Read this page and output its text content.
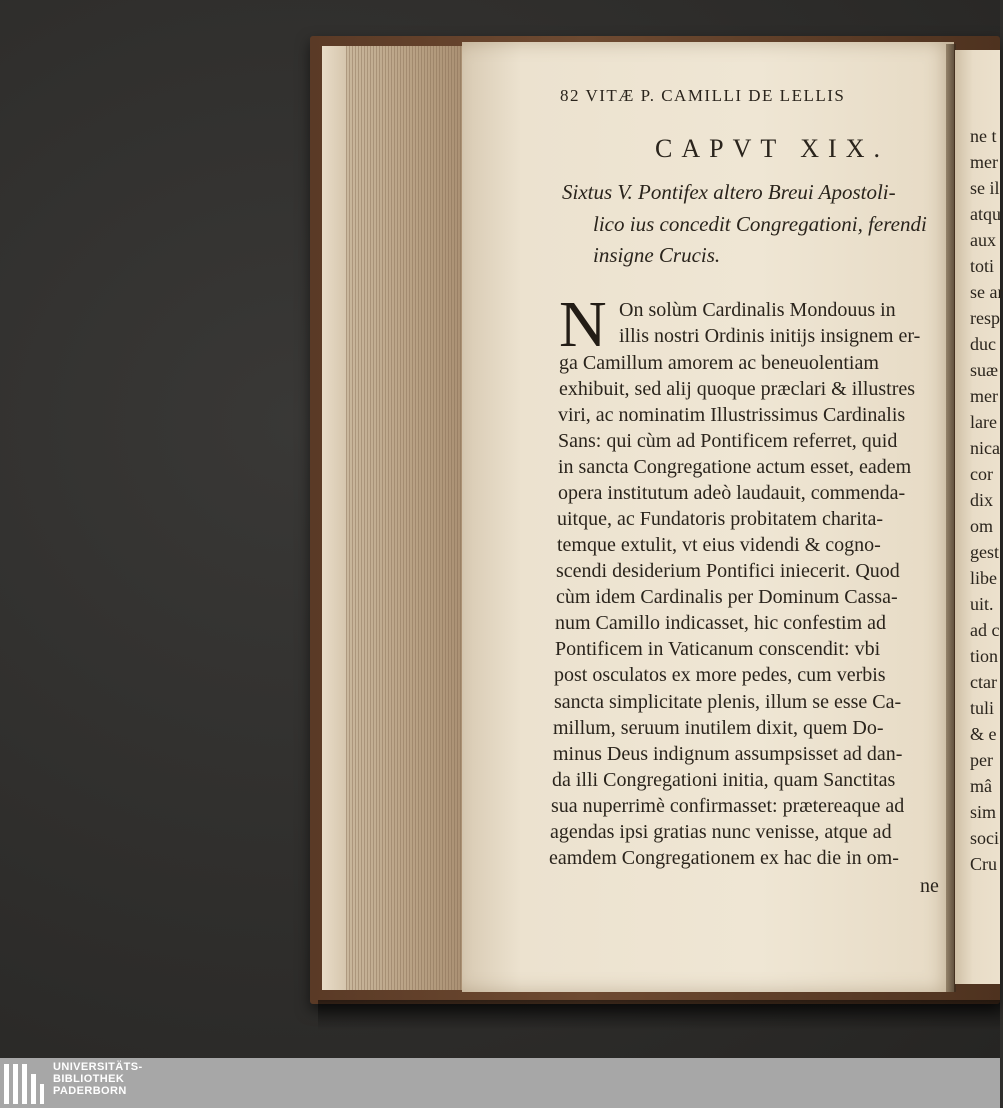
82 VITÆ P. CAMILLI DE LELLIS
CAPVT XIX.
Sixtus V. Pontifex altero Breui Apostoli-
lico ius concedit Congregationi, ferendi
insigne Crucis.
N On solùm Cardinalis Mondouus in
illis nostri Ordinis initijs insignem er-
ga Camillum amorem ac beneuolentiam
exhibuit, sed alij quoque præclari & illustres
viri, ac nominatim Illustrissimus Cardinalis
Sans: qui cùm ad Pontificem referret, quid
in sancta Congregatione actum esset, eadem
opera institutum adeò laudauit, commenda-
uitque, ac Fundatoris probitatem charita-
temque extulit, vt eius videndi & cogno-
scendi desiderium Pontifici iniecerit. Quod
cùm idem Cardinalis per Dominum Cassa-
num Camillo indicasset, hic confestim ad
Pontificem in Vaticanum conscendit: vbi
post osculatos ex more pedes, cum verbis
sancta simplicitate plenis, illum se esse Ca-
millum, seruum inutilem dixit, quem Do-
minus Deus indignum assumpsisset ad dan-
da illi Congregationi initia, quam Sanctitas
sua nuperrimè confirmasset: prætereaque ad
agendas ipsi gratias nunc venisse, atque ad
eamdem Congregationem ex hac die in om-
ne
ne t
mer
se il
atqu
aux
toti
se ar
resp
duc
suæ
mer
lare
nica
cor
dix
om
gest
libe
uit.
ad c
tion
ctar
tuli
& e
per
mâ
sim
soci
Cru
UNIVERSITÄTS-
BIBLIOTHEK
PADERBORN
